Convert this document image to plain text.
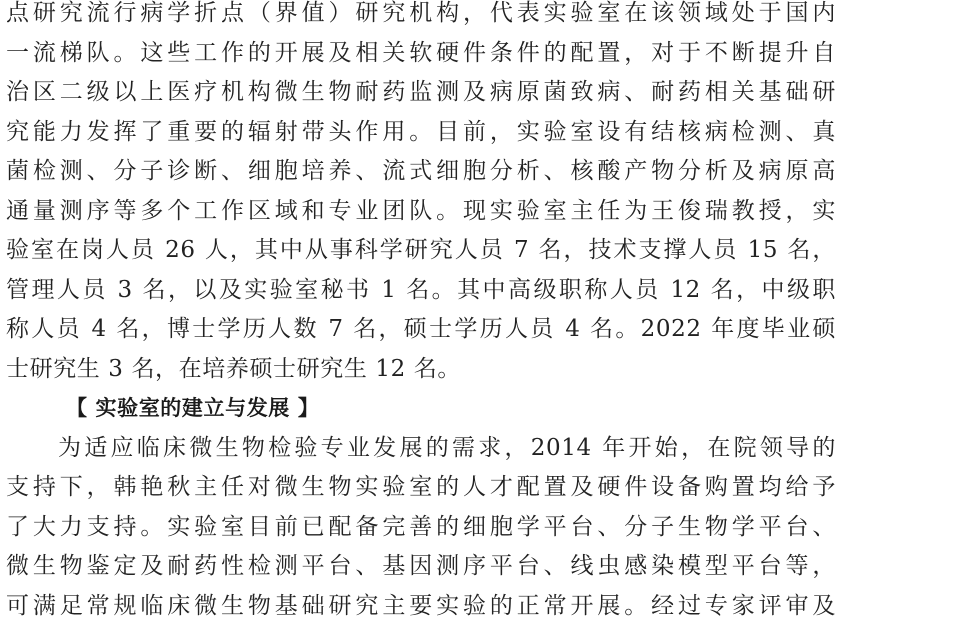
点研究流行病学折点（界值）研究机构，代表实验室在该领域处于国内
一流梯队。这些工作的开展及相关软硬件条件的配置，对于不断提升自
治区二级以上医疗机构微生物耐药监测及病原菌致病、耐药相关基础研
究能力发挥了重要的辐射带头作用。目前，实验室设有结核病检测、真
菌检测、分子诊断、细胞培养、流式细胞分析、核酸产物分析及病原高
通量测序等多个工作区域和专业团队。现实验室主任为王俊瑞教授，实
验室在岗人员 26 人，其中从事科学研究人员 7 名，技术支撑人员 15 名，
管理人员 3 名，以及实验室秘书 1 名。其中高级职称人员 12 名，中级职
称人员 4 名，博士学历人数 7 名，硕士学历人员 4 名。2022 年度毕业硕
士研究生 3 名，在培养硕士研究生 12 名。
【 实验室的建立与发展 】
为适应临床微生物检验专业发展的需求，2014 年开始，在院领导的
支持下，韩艳秋主任对微生物实验室的人才配置及硬件设备购置均给予
了大力支持。实验室目前已配备完善的细胞学平台、分子生物学平台、
微生物鉴定及耐药性检测平台、基因测序平台、线虫感染模型平台等，
可满足常规临床微生物基础研究主要实验的正常开展。经过专家评审及
